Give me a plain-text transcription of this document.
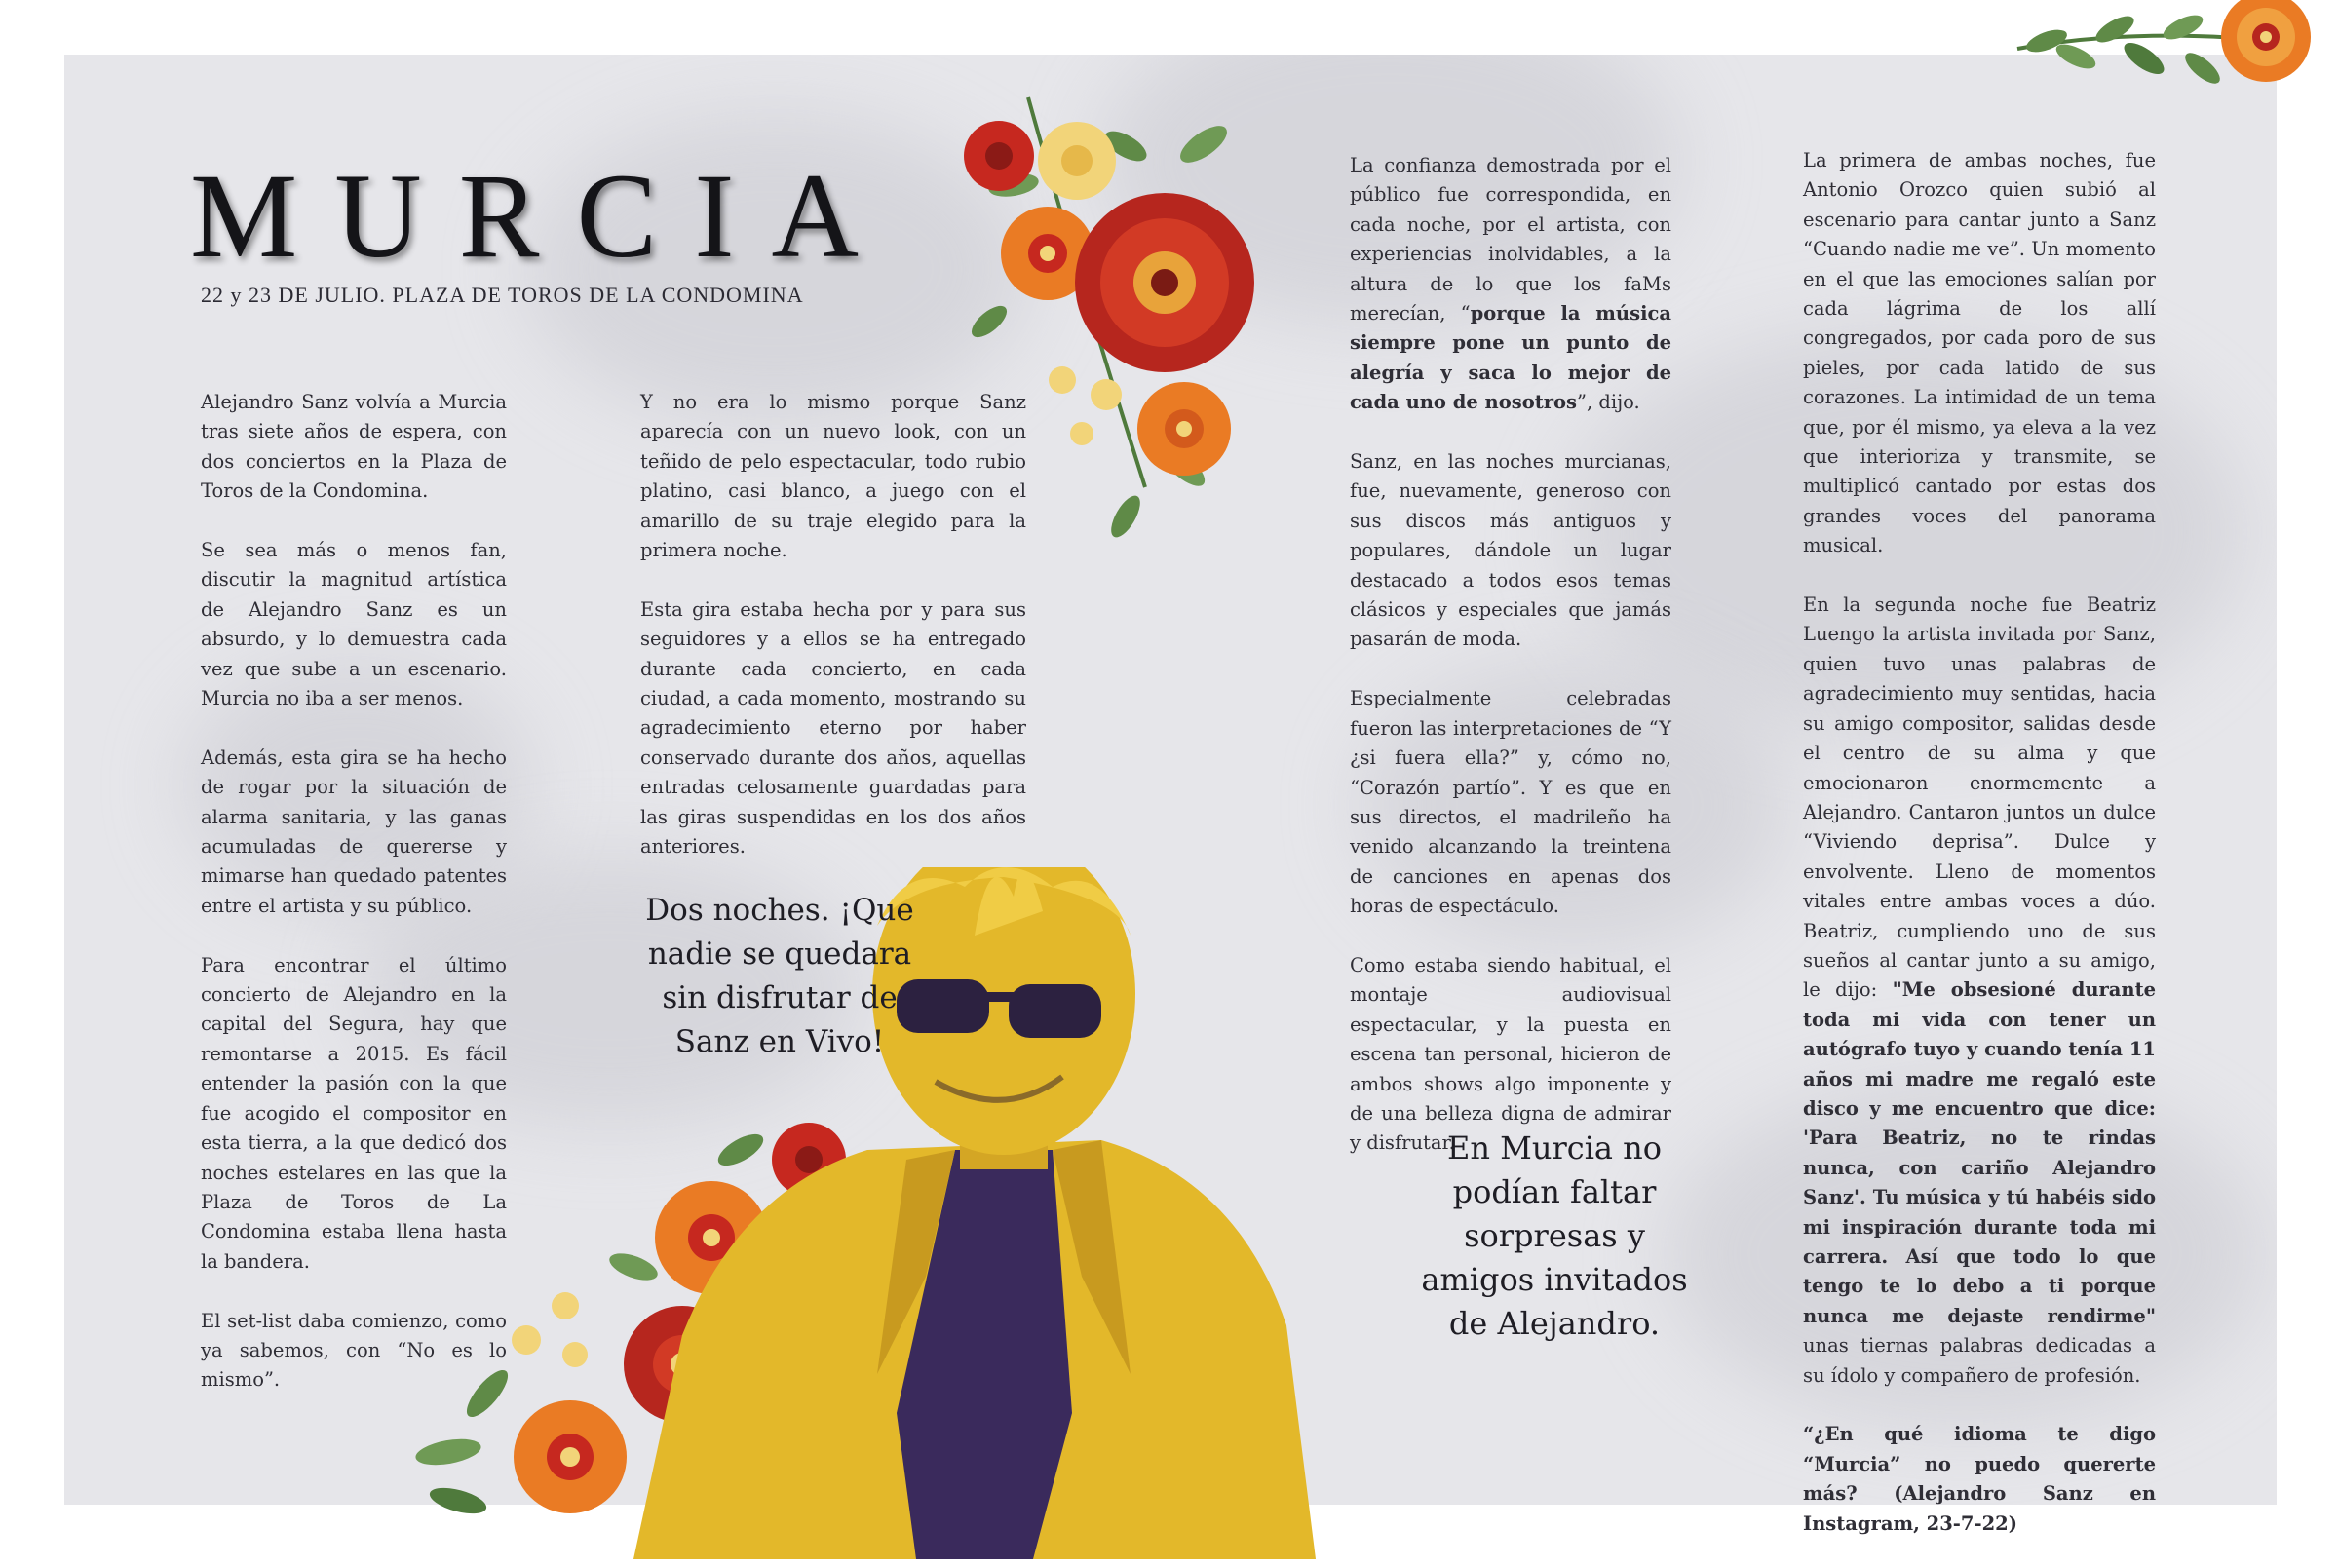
MURCIA

22 y 23 DE JULIO. PLAZA DE TOROS DE LA CONDOMINA

Alejandro Sanz volvía a Murcia tras siete años de espera, con dos conciertos en la Plaza de Toros de la Condomina.

Se sea más o menos fan, discutir la magnitud artística de Alejandro Sanz es un absurdo, y lo demuestra cada vez que sube a un escenario. Murcia no iba a ser menos.

Además, esta gira se ha hecho de rogar por la situación de alarma sanitaria, y las ganas acumuladas de quererse y mimarse han quedado patentes entre el artista y su público.

Para encontrar el último concierto de Alejandro en la capital del Segura, hay que remontarse a 2015. Es fácil entender la pasión con la que fue acogido el compositor en esta tierra, a la que dedicó dos noches estelares en las que la Plaza de Toros de La Condomina estaba llena hasta la bandera.

El set-list daba comienzo, como ya sabemos, con “No es lo mismo”.

Y no era lo mismo porque Sanz aparecía con un nuevo look, con un teñido de pelo espectacular, todo rubio platino, casi blanco, a juego con el amarillo de su traje elegido para la primera noche.

Esta gira estaba hecha por y para sus seguidores y a ellos se ha entregado durante cada concierto, en cada ciudad, a cada momento, mostrando su agradecimiento eterno por haber conservado durante dos años, aquellas entradas celosamente guardadas para las giras suspendidas en los dos años anteriores.

La confianza demostrada por el público fue correspondida, en cada noche, por el artista, con experiencias inolvidables, a la altura de lo que los faMs merecían, “porque la música siempre pone un punto de alegría y saca lo mejor de cada uno de nosotros”, dijo.

Sanz, en las noches murcianas, fue, nuevamente, generoso con sus discos más antiguos y populares, dándole un lugar destacado a todos esos temas clásicos y especiales que jamás pasarán de moda.

Especialmente celebradas fueron las interpretaciones de “Y ¿si fuera ella?” y, cómo no, “Corazón partío”. Y es que en sus directos, el madrileño ha venido alcanzando la treintena de canciones en apenas dos horas de espectáculo.

Como estaba siendo habitual, el montaje audiovisual espectacular, y la puesta en escena tan personal, hicieron de ambos shows algo imponente y de una belleza digna de admirar y disfrutar.

La primera de ambas noches, fue Antonio Orozco quien subió al escenario para cantar junto a Sanz “Cuando nadie me ve”. Un momento en el que las emociones salían por cada lágrima de los allí congregados, por cada poro de sus pieles, por cada latido de sus corazones. La intimidad de un tema que, por él mismo, ya eleva a la vez que interioriza y transmite, se multiplicó cantado por estas dos grandes voces del panorama musical.

En la segunda noche fue Beatriz Luengo la artista invitada por Sanz, quien tuvo unas palabras de agradecimiento muy sentidas, hacia su amigo compositor, salidas desde el centro de su alma y que emocionaron enormemente a Alejandro. Cantaron juntos un dulce “Viviendo deprisa”. Dulce y envolvente. Lleno de momentos vitales entre ambas voces a dúo. Beatriz, cumpliendo uno de sus sueños al cantar junto a su amigo, le dijo: "Me obsesioné durante toda mi vida con tener un autógrafo tuyo y cuando tenía 11 años mi madre me regaló este disco y me encuentro que dice: 'Para Beatriz, no te rindas nunca, con cariño Alejandro Sanz'. Tu música y tú habéis sido mi inspiración durante toda mi carrera. Así que todo lo que tengo te lo debo a ti porque nunca me dejaste rendirme" unas tiernas palabras dedicadas a su ídolo y compañero de profesión.

“¿En qué idioma te digo “Murcia” no puedo quererte más? (Alejandro Sanz en Instagram, 23-7-22)

Dos noches. ¡Que nadie se quedara sin disfrutar de Sanz en Vivo!

En Murcia no podían faltar sorpresas y amigos invitados de Alejandro.
